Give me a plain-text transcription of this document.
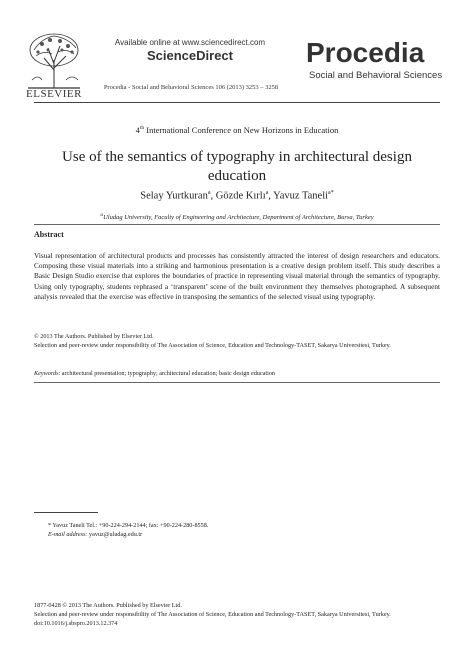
ELSEVIER
Available online at www.sciencedirect.com
ScienceDirect
Procedia - Social and Behavioral Sciences 106 (2013) 3253 – 3258
Procedia
Social and Behavioral Sciences
4th International Conference on New Horizons in Education
Use of the semantics of typography in architectural design education
Selay Yurtkuran$^a$, Gözde Kırlı$^a$, Yavuz Taneli$^{a*}$
$^a$Uludag University, Faculty of Engineering and Architecture, Department of Architecture, Bursa, Turkey
Abstract
Visual representation of architectural products and processes has consistently attracted the interest of design researchers and educators. Composing these visual materials into a striking and harmonious presentation is a creative design problem itself. This study describes a Basic Design Studio exercise that explores the boundaries of practice in representing visual material through the semantics of typography. Using only typography, students rephrased a ‘transparent’ scene of the built environment they themselves photographed. A subsequent analysis revealed that the exercise was effective in transposing the semantics of the selected visual using typography.
© 2013 The Authors. Published by Elsevier Ltd.
Selection and peer-review under responsibility of The Association of Science, Education and Technology-TASET, Sakarya Universitesi, Turkey.
Keywords: architectural presentation; typography; architectural education; basic design education
* Yavuz Taneli Tel.: +90-224-294-2144; fax: +90-224-280-8558.
E-mail address: yavuz@uludag.edu.tr
1877-0428 © 2013 The Authors. Published by Elsevier Ltd.
Selection and peer-review under responsibility of The Association of Science, Education and Technology-TASET, Sakarya Universitesi, Turkey.
doi:10.1016/j.sbspro.2013.12.374
